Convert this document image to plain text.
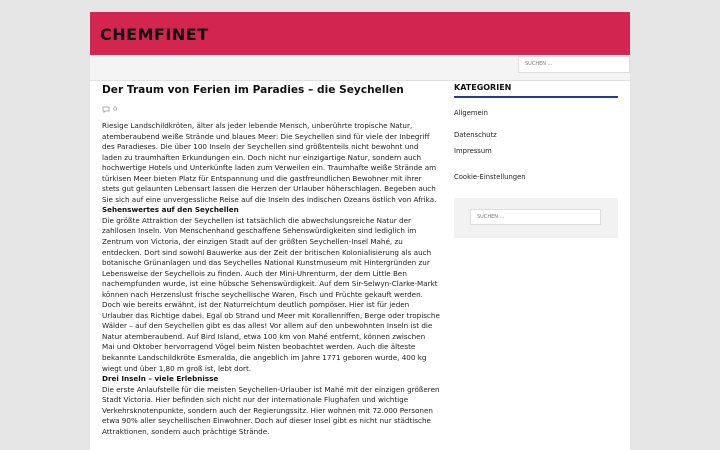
CHEMFINET
SUCHEN ...
Der Traum von Ferien im Paradies – die Seychellen
0

Riesige Landschildkröten, älter als jeder lebende Mensch, unberührte tropische Natur, atemberaubend weiße Strände und blaues Meer: Die Seychellen sind für viele der Inbegriff des Paradieses. Die über 100 Inseln der Seychellen sind größtenteils nicht bewohnt und laden zu traumhaften Erkundungen ein. Doch nicht nur einzigartige Natur, sondern auch hochwertige Hotels und Unterkünfte laden zum Verweilen ein. Traumhafte weiße Strände am türkisen Meer bieten Platz für Entspannung und die gastfreundlichen Bewohner mit ihrer stets gut gelaunten Lebensart lassen die Herzen der Urlauber höherschlagen. Begeben auch Sie sich auf eine unvergessliche Reise auf die Inseln des indischen Ozeans östlich von Afrika.

Sehenswertes auf den Seychellen

Die größte Attraktion der Seychellen ist tatsächlich die abwechslungsreiche Natur der zahllosen Inseln. Von Menschenhand geschaffene Sehenswürdigkeiten sind lediglich im Zentrum von Victoria, der einzigen Stadt auf der größten Seychellen-Insel Mahé, zu entdecken. Dort sind sowohl Bauwerke aus der Zeit der britischen Kolonialisierung als auch botanische Grünanlagen und das Seychelles National Kunstmuseum mit Hintergründen zur Lebensweise der Seychellois zu finden. Auch der Mini-Uhrenturm, der dem Little Ben nachempfunden wurde, ist eine hübsche Sehenswürdigkeit. Auf dem Sir-Selwyn-Clarke-Markt können nach Herzenslust frische seychellische Waren, Fisch und Früchte gekauft werden.

Doch wie bereits erwähnt, ist der Naturreichtum deutlich pompöser. Hier ist für jeden Urlauber das Richtige dabei. Egal ob Strand und Meer mit Korallenriffen, Berge oder tropische Wälder – auf den Seychellen gibt es das alles! Vor allem auf den unbewohnten Inseln ist die Natur atemberaubend. Auf Bird Island, etwa 100 km von Mahé entfernt, können zwischen Mai und Oktober hervorragend Vögel beim Nisten beobachtet werden. Auch die älteste bekannte Landschildkröte Esmeralda, die angeblich im Jahre 1771 geboren wurde, 400 kg wiegt und über 1,80 m groß ist, lebt dort.

Drei Inseln – viele Erlebnisse

Die erste Anlaufstelle für die meisten Seychellen-Urlauber ist Mahé mit der einzigen größeren Stadt Victoria. Hier befinden sich nicht nur der internationale Flughafen und wichtige Verkehrsknotenpunkte, sondern auch der Regierungssitz. Hier wohnen mit 72.000 Personen etwa 90% aller seychellischen Einwohner. Doch auf dieser Insel gibt es nicht nur städtische Attraktionen, sondern auch prächtige Strände.

KATEGORIEN
Allgemein
Datenschutz
Impressum
Cookie-Einstellungen
SUCHEN ...
